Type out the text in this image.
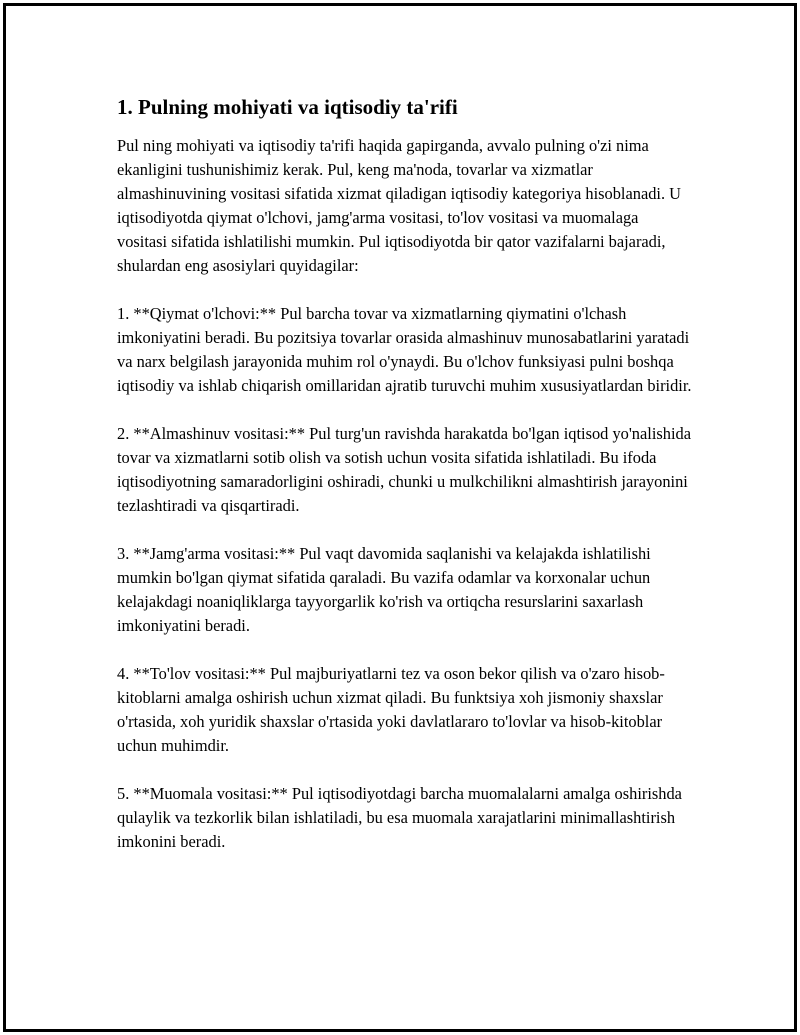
1. Pulning mohiyati va iqtisodiy ta'rifi

Pul ning mohiyati va iqtisodiy ta'rifi haqida gapirganda, avvalo pulning o'zi nima ekanligini tushunishimiz kerak. Pul, keng ma'noda, tovarlar va xizmatlar almashinuvining vositasi sifatida xizmat qiladigan iqtisodiy kategoriya hisoblanadi. U iqtisodiyotda qiymat o'lchovi, jamg'arma vositasi, to'lov vositasi va muomalaga vositasi sifatida ishlatilishi mumkin. Pul iqtisodiyotda bir qator vazifalarni bajaradi, shulardan eng asosiylari quyidagilar:

1. **Qiymat o'lchovi:** Pul barcha tovar va xizmatlarning qiymatini o'lchash imkoniyatini beradi. Bu pozitsiya tovarlar orasida almashinuv munosabatlarini yaratadi va narx belgilash jarayonida muhim rol o'ynaydi. Bu o'lchov funksiyasi pulni boshqa iqtisodiy va ishlab chiqarish omillaridan ajratib turuvchi muhim xususiyatlardan biridir.

2. **Almashinuv vositasi:** Pul turg'un ravishda harakatda bo'lgan iqtisod yo'nalishida tovar va xizmatlarni sotib olish va sotish uchun vosita sifatida ishlatiladi. Bu ifoda iqtisodiyotning samaradorligini oshiradi, chunki u mulkchilikni almashtirish jarayonini tezlashtiradi va qisqartiradi.

3. **Jamg'arma vositasi:** Pul vaqt davomida saqlanishi va kelajakda ishlatilishi mumkin bo'lgan qiymat sifatida qaraladi. Bu vazifa odamlar va korxonalar uchun kelajakdagi noaniqliklarga tayyorgarlik ko'rish va ortiqcha resurslarini saxarlash imkoniyatini beradi.

4. **To'lov vositasi:** Pul majburiyatlarni tez va oson bekor qilish va o'zaro hisob-kitoblarni amalga oshirish uchun xizmat qiladi. Bu funktsiya xoh jismoniy shaxslar o'rtasida, xoh yuridik shaxslar o'rtasida yoki davlatlararo to'lovlar va hisob-kitoblar uchun muhimdir.

5. **Muomala vositasi:** Pul iqtisodiyotdagi barcha muomalalarni amalga oshirishda qulaylik va tezkorlik bilan ishlatiladi, bu esa muomala xarajatlarini minimallashtirish imkonini beradi.
